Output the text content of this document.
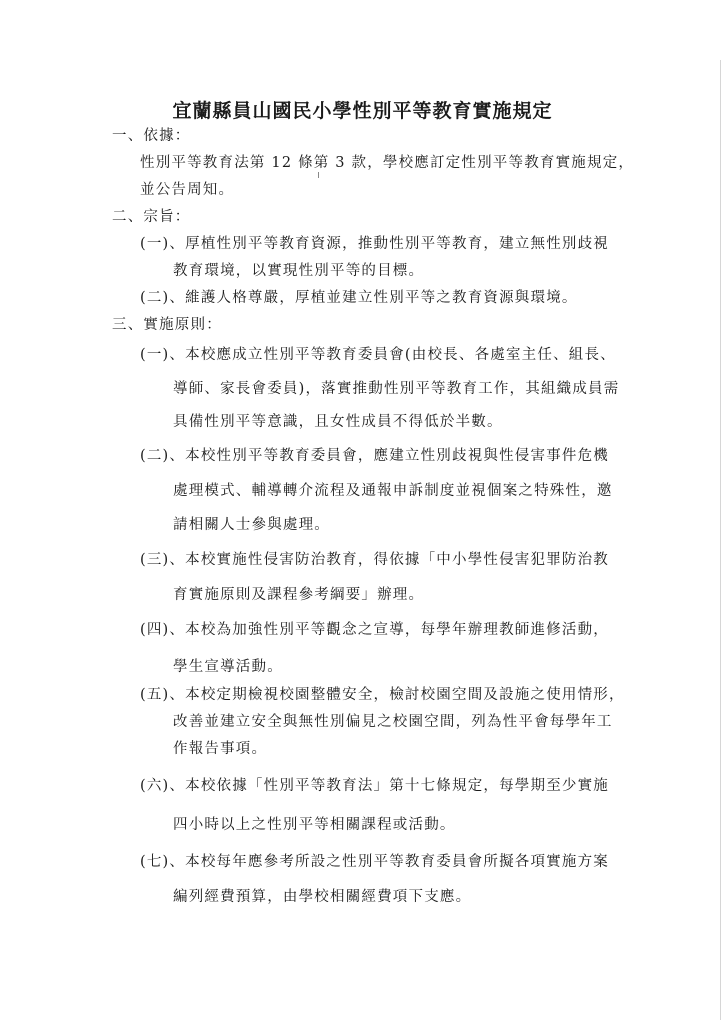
宜蘭縣員山國民小學性別平等教育實施規定
一、依據：
性別平等教育法第 12 條第 3 款，學校應訂定性別平等教育實施規定，
並公告周知。
二、宗旨：
(一)、厚植性別平等教育資源，推動性別平等教育，建立無性別歧視
教育環境，以實現性別平等的目標。
(二)、維護人格尊嚴，厚植並建立性別平等之教育資源與環境。
三、實施原則：
(一)、本校應成立性別平等教育委員會(由校長、各處室主任、組長、
導師、家長會委員)，落實推動性別平等教育工作，其組織成員需
具備性別平等意識，且女性成員不得低於半數。
(二)、本校性別平等教育委員會，應建立性別歧視與性侵害事件危機
處理模式、輔導轉介流程及通報申訴制度並視個案之特殊性，邀
請相關人士參與處理。
(三)、本校實施性侵害防治教育，得依據「中小學性侵害犯罪防治教
育實施原則及課程參考綱要」辦理。
(四)、本校為加強性別平等觀念之宣導，每學年辦理教師進修活動，
學生宣導活動。
(五)、本校定期檢視校園整體安全，檢討校園空間及設施之使用情形，
改善並建立安全與無性別偏見之校園空間，列為性平會每學年工
作報告事項。
(六)、本校依據「性別平等教育法」第十七條規定，每學期至少實施
四小時以上之性別平等相關課程或活動。
(七)、本校每年應參考所設之性別平等教育委員會所擬各項實施方案
編列經費預算，由學校相關經費項下支應。
